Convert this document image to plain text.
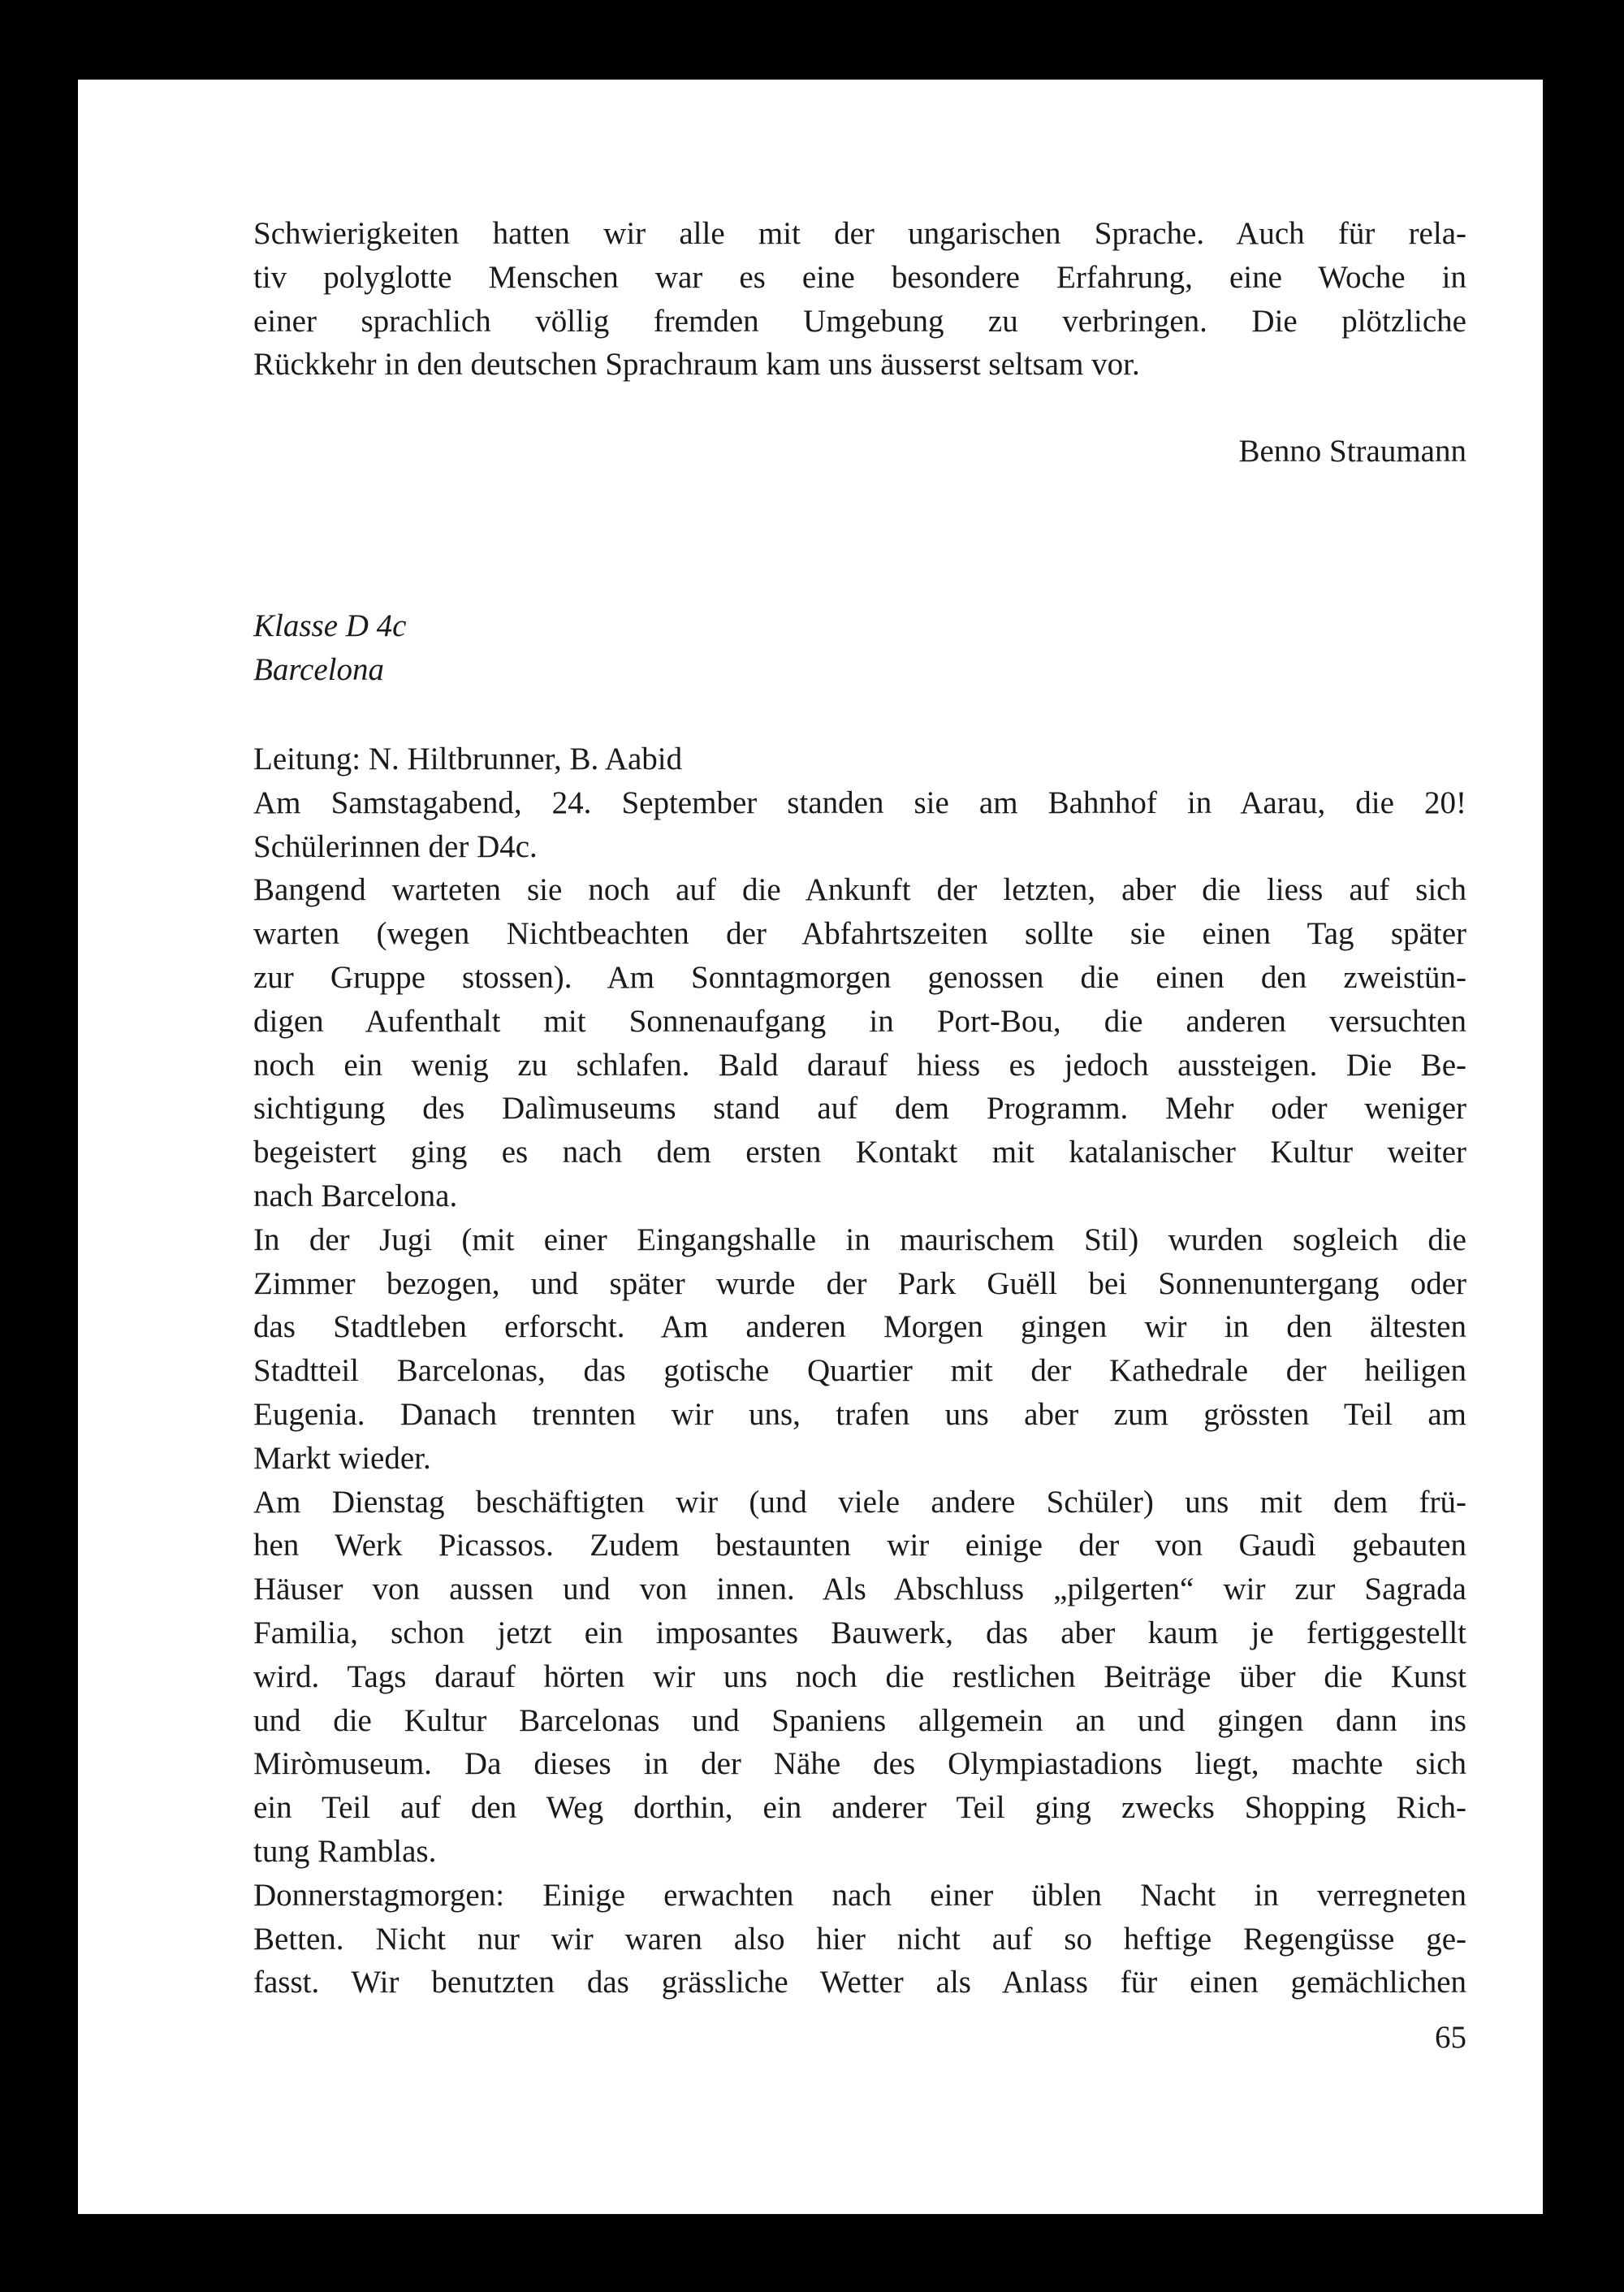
Schwierigkeiten hatten wir alle mit der ungarischen Sprache. Auch für rela-
tiv polyglotte Menschen war es eine besondere Erfahrung, eine Woche in
einer sprachlich völlig fremden Umgebung zu verbringen. Die plötzliche
Rückkehr in den deutschen Sprachraum kam uns äusserst seltsam vor.
Benno Straumann
Klasse D 4c
Barcelona
Leitung: N. Hiltbrunner, B. Aabid
Am Samstagabend, 24. September standen sie am Bahnhof in Aarau, die 20!
Schülerinnen der D4c.
Bangend warteten sie noch auf die Ankunft der letzten, aber die liess auf sich
warten (wegen Nichtbeachten der Abfahrtszeiten sollte sie einen Tag später
zur Gruppe stossen). Am Sonntagmorgen genossen die einen den zweistün-
digen Aufenthalt mit Sonnenaufgang in Port-Bou, die anderen versuchten
noch ein wenig zu schlafen. Bald darauf hiess es jedoch aussteigen. Die Be-
sichtigung des Dalìmuseums stand auf dem Programm. Mehr oder weniger
begeistert ging es nach dem ersten Kontakt mit katalanischer Kultur weiter
nach Barcelona.
In der Jugi (mit einer Eingangshalle in maurischem Stil) wurden sogleich die
Zimmer bezogen, und später wurde der Park Guëll bei Sonnenuntergang oder
das Stadtleben erforscht. Am anderen Morgen gingen wir in den ältesten
Stadtteil Barcelonas, das gotische Quartier mit der Kathedrale der heiligen
Eugenia. Danach trennten wir uns, trafen uns aber zum grössten Teil am
Markt wieder.
Am Dienstag beschäftigten wir (und viele andere Schüler) uns mit dem frü-
hen Werk Picassos. Zudem bestaunten wir einige der von Gaudì gebauten
Häuser von aussen und von innen. Als Abschluss „pilgerten“ wir zur Sagrada
Familia, schon jetzt ein imposantes Bauwerk, das aber kaum je fertiggestellt
wird. Tags darauf hörten wir uns noch die restlichen Beiträge über die Kunst
und die Kultur Barcelonas und Spaniens allgemein an und gingen dann ins
Miròmuseum. Da dieses in der Nähe des Olympiastadions liegt, machte sich
ein Teil auf den Weg dorthin, ein anderer Teil ging zwecks Shopping Rich-
tung Ramblas.
Donnerstagmorgen: Einige erwachten nach einer üblen Nacht in verregneten
Betten. Nicht nur wir waren also hier nicht auf so heftige Regengüsse ge-
fasst. Wir benutzten das grässliche Wetter als Anlass für einen gemächlichen
65
